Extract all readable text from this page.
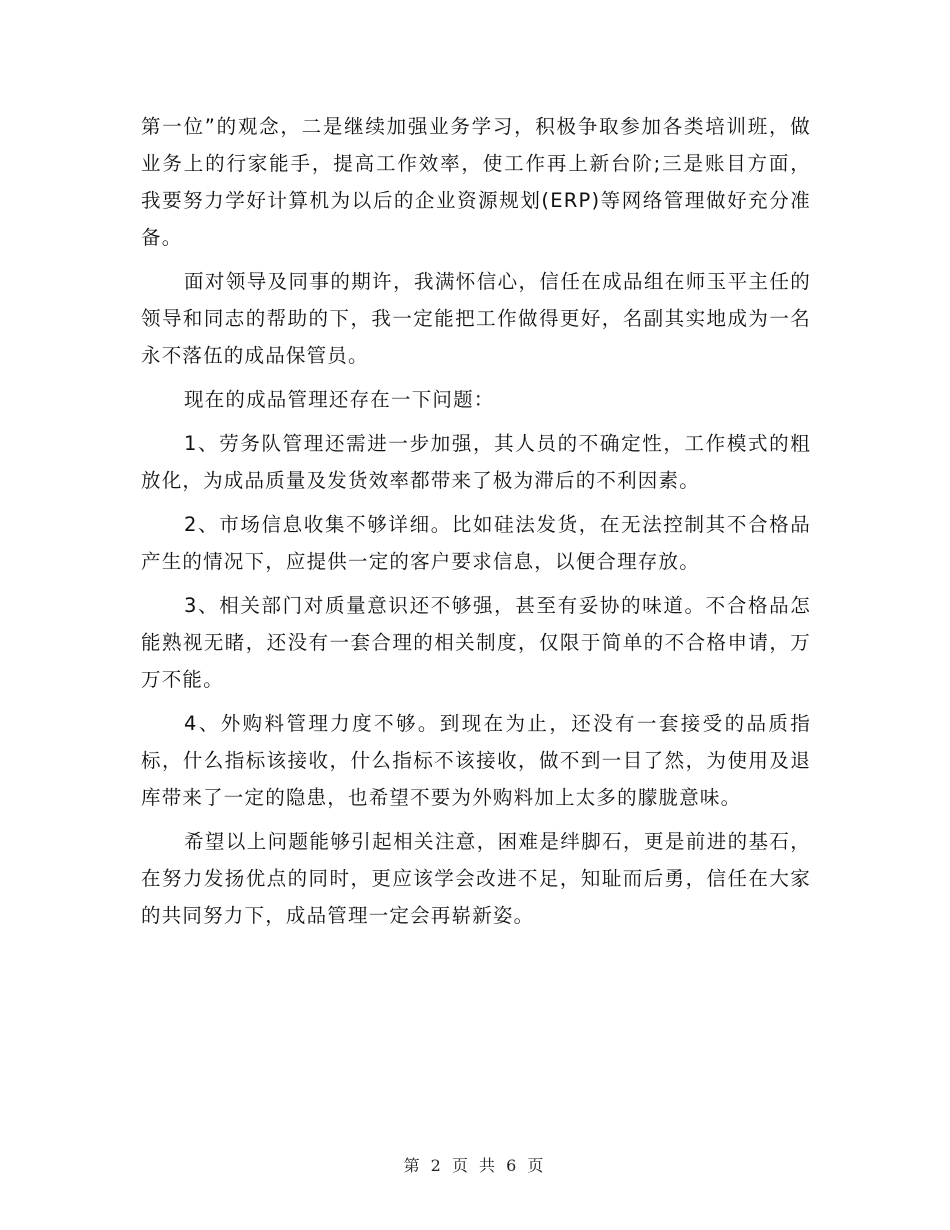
第一位”的观念，二是继续加强业务学习，积极争取参加各类培训班，做业务上的行家能手，提高工作效率，使工作再上新台阶;三是账目方面，我要努力学好计算机为以后的企业资源规划(ERP)等网络管理做好充分准备。

面对领导及同事的期许，我满怀信心，信任在成品组在师玉平主任的领导和同志的帮助的下，我一定能把工作做得更好，名副其实地成为一名永不落伍的成品保管员。

现在的成品管理还存在一下问题：

1、劳务队管理还需进一步加强，其人员的不确定性，工作模式的粗放化，为成品质量及发货效率都带来了极为滞后的不利因素。

2、市场信息收集不够详细。比如硅法发货，在无法控制其不合格品产生的情况下，应提供一定的客户要求信息，以便合理存放。

3、相关部门对质量意识还不够强，甚至有妥协的味道。不合格品怎能熟视无睹，还没有一套合理的相关制度，仅限于简单的不合格申请，万万不能。

4、外购料管理力度不够。到现在为止，还没有一套接受的品质指标，什么指标该接收，什么指标不该接收，做不到一目了然，为使用及退库带来了一定的隐患，也希望不要为外购料加上太多的朦胧意味。

希望以上问题能够引起相关注意，困难是绊脚石，更是前进的基石，在努力发扬优点的同时，更应该学会改进不足，知耻而后勇，信任在大家的共同努力下，成品管理一定会再崭新姿。

第 2 页 共 6 页
